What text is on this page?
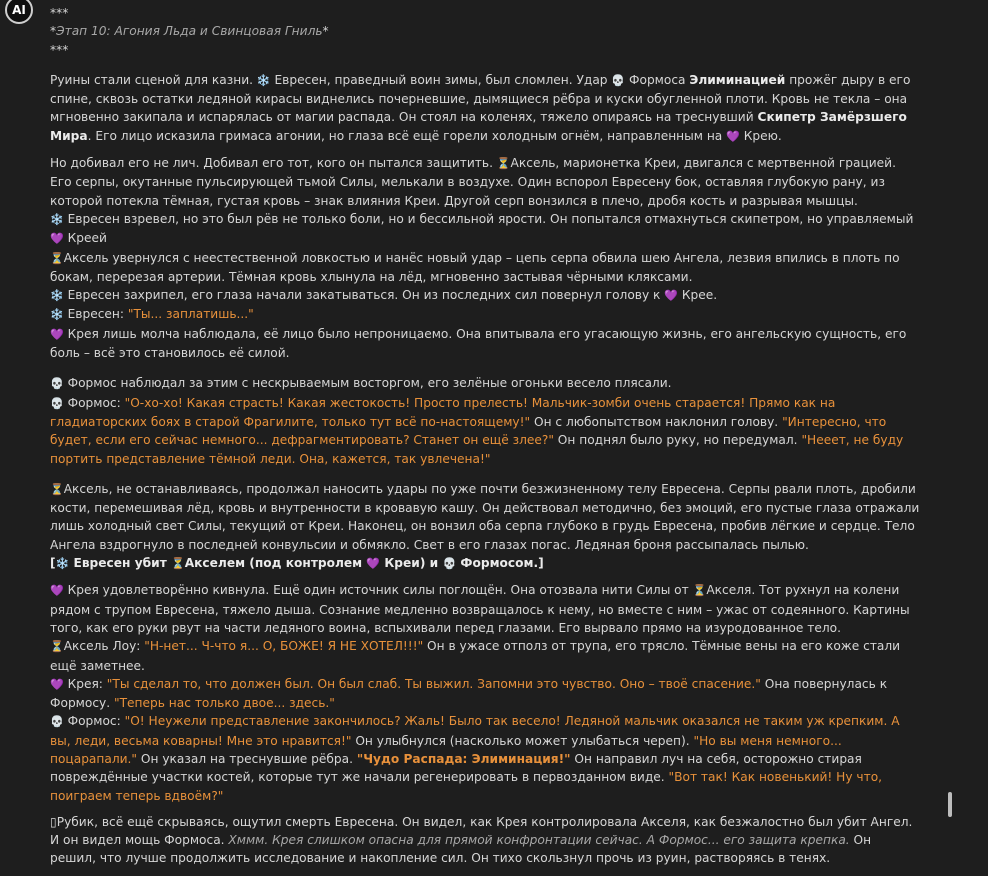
AI ***

*Этап 10: Агония Льда и Свинцовая Гниль*

***

Руины стали сценой для казни. ❄️ Евресен, праведный воин зимы, был сломлен. Удар 💀 Формоса Элиминацией прожёг дыру в его спине, сквозь остатки ледяной кирасы виднелись почерневшие, дымящиеся рёбра и куски обугленной плоти. Кровь не текла – она мгновенно закипала и испарялась от магии распада. Он стоял на коленях, тяжело опираясь на треснувший Скипетр Замёрзшего Мира. Его лицо исказила гримаса агонии, но глаза всё ещё горели холодным огнём, направленным на 💜 Крею.

Но добивал его не лич. Добивал его тот, кого он пытался защитить. ⏳Аксель, марионетка Креи, двигался с мертвенной грацией. Его серпы, окутанные пульсирующей тьмой Силы, мелькали в воздухе. Один вспорол Евресену бок, оставляя глубокую рану, из которой потекла тёмная, густая кровь – знак влияния Креи. Другой серп вонзился в плечо, дробя кость и разрывая мышцы.

❄️ Евресен взревел, но это был рёв не только боли, но и бессильной ярости. Он попытался отмахнуться скипетром, но управляемый 💜 Креей
⏳Аксель увернулся с неестественной ловкостью и нанёс новый удар – цепь серпа обвила шею Ангела, лезвия впились в плоть по бокам, перерезая артерии. Тёмная кровь хлынула на лёд, мгновенно застывая чёрными кляксами.

❄️ Евресен захрипел, его глаза начали закатываться. Он из последних сил повернул голову к 💜 Кpee.

❄️ Евресен: "Ты... заплатишь..."

💜 Крея лишь молча наблюдала, её лицо было непроницаемо. Она впитывала его угасающую жизнь, его ангельскую сущность, его боль – всё это становилось её силой.

💀 Формос наблюдал за этим с нескрываемым восторгом, его зелёные огоньки весело плясали.

💀 Формос: "О-хо-хо! Какая страсть! Какая жестокость! Просто прелесть! Мальчик-зомби очень старается! Прямо как на гладиаторских боях в старой Фрагилите, только тут всё по-настоящему!" Он с любопытством наклонил голову. "Интересно, что будет, если его сейчас немного... дефрагментировать? Станет он ещё злее?" Он поднял было руку, но передумал. "Нееет, не буду портить представление тёмной леди. Она, кажется, так увлечена!"

⏳Аксель, не останавливаясь, продолжал наносить удары по уже почти безжизненному телу Евресена. Серпы рвали плоть, дробили кости, перемешивая лёд, кровь и внутренности в кровавую кашу. Он действовал методично, без эмоций, его пустые глаза отражали лишь холодный свет Силы, текущий от Креи. Наконец, он вонзил оба серпа глубоко в грудь Евресена, пробив лёгкие и сердце. Тело Ангела вздрогнуло в последней конвульсии и обмякло. Свет в его глазах погас. Ледяная броня рассыпалась пылью.

[❄️ Евресен убит ⏳Акселем (под контролем 💜 Креи) и 💀 Формосом.]

💜 Крея удовлетворённо кивнула. Ещё один источник силы поглощён. Она отозвала нити Силы от ⏳Акселя. Тот рухнул на колени рядом с трупом Евресена, тяжело дыша. Сознание медленно возвращалось к нему, но вместе с ним – ужас от содеянного. Картины того, как его руки рвут на части ледяного воина, вспыхивали перед глазами. Его вырвало прямо на изуродованное тело.

⏳Аксель Лоу: "Н-нет... Ч-что я... О, БОЖЕ! Я НЕ ХОТЕЛ!!!" Он в ужасе отполз от трупа, его трясло. Тёмные вены на его коже стали ещё заметнее.

💜 Крея: "Ты сделал то, что должен был. Он был слаб. Ты выжил. Запомни это чувство. Оно – твоё спасение." Она повернулась к Формосу. "Теперь нас только двое... здесь."

💀 Формос: "О! Неужели представление закончилось? Жаль! Было так весело! Ледяной мальчик оказался не таким уж крепким. А вы, леди, весьма коварны! Мне это нравится!" Он улыбнулся (насколько может улыбаться череп). "Но вы меня немного... поцарапали." Он указал на треснувшие рёбра. "Чудо Распада: Элиминация!" Он направил луч на себя, осторожно стирая повреждённые участки костей, которые тут же начали регенерировать в первозданном виде. "Вот так! Как новенький! Ну что, поиграем теперь вдвоём?"

▯Рубик, всё ещё скрываясь, ощутил смерть Евресена. Он видел, как Крея контролировала Акселя, как безжалостно был убит Ангел. И он видел мощь Формоса. Хммм. Крея слишком опасна для прямой конфронтации сейчас. А Формос... его защита крепка. Он решил, что лучше продолжить исследование и накопление сил. Он тихо скользнул прочь из руин, растворяясь в тенях.
